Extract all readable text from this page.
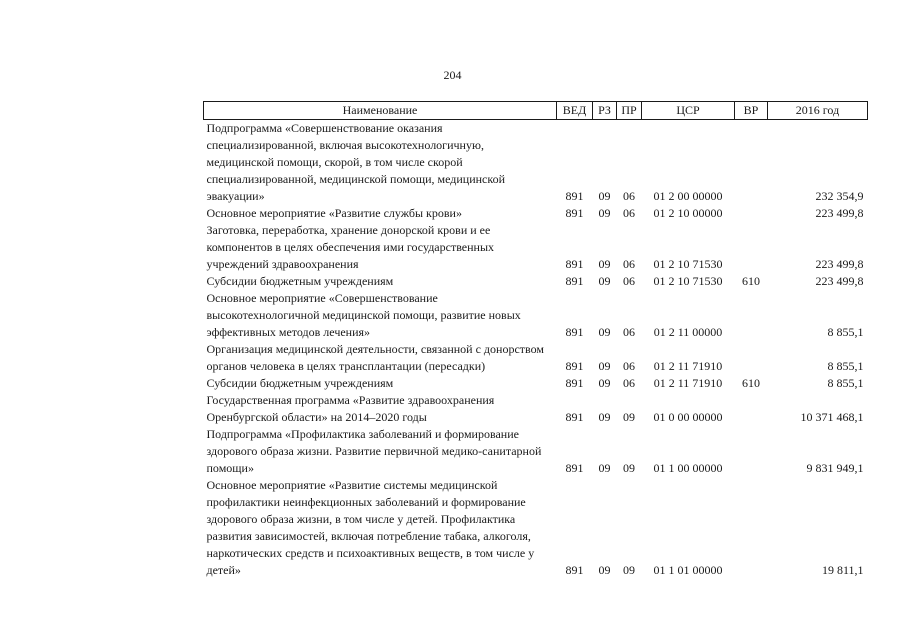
204
Наименование	ВЕД	РЗ	ПР	ЦСР	ВР	2016 год
Подпрограмма «Совершенствование оказания специализированной, включая высокотехнологичную, медицинской помощи, скорой, в том числе скорой специализированной, медицинской помощи, медицинской эвакуации»	891	09	06	01 2 00 00000		232 354,9
Основное мероприятие «Развитие службы крови»	891	09	06	01 2 10 00000		223 499,8
Заготовка, переработка, хранение донорской крови и ее компонентов в целях обеспечения ими государственных учреждений здравоохранения	891	09	06	01 2 10 71530		223 499,8
Субсидии бюджетным учреждениям	891	09	06	01 2 10 71530	610	223 499,8
Основное мероприятие «Совершенствование высокотехнологичной медицинской помощи, развитие новых эффективных методов лечения»	891	09	06	01 2 11 00000		8 855,1
Организация медицинской деятельности, связанной с донорством органов человека в целях трансплантации (пересадки)	891	09	06	01 2 11 71910		8 855,1
Субсидии бюджетным учреждениям	891	09	06	01 2 11 71910	610	8 855,1
Государственная программа «Развитие здравоохранения Оренбургской области» на 2014–2020 годы	891	09	09	01 0 00 00000		10 371 468,1
Подпрограмма «Профилактика заболеваний и формирование здорового образа жизни. Развитие первичной медико-санитарной помощи»	891	09	09	01 1 00 00000		9 831 949,1
Основное мероприятие «Развитие системы медицинской профилактики неинфекционных заболеваний и формирование здорового образа жизни, в том числе у детей. Профилактика развития зависимостей, включая потребление табака, алкоголя, наркотических средств и психоактивных веществ, в том числе у детей»	891	09	09	01 1 01 00000		19 811,1
